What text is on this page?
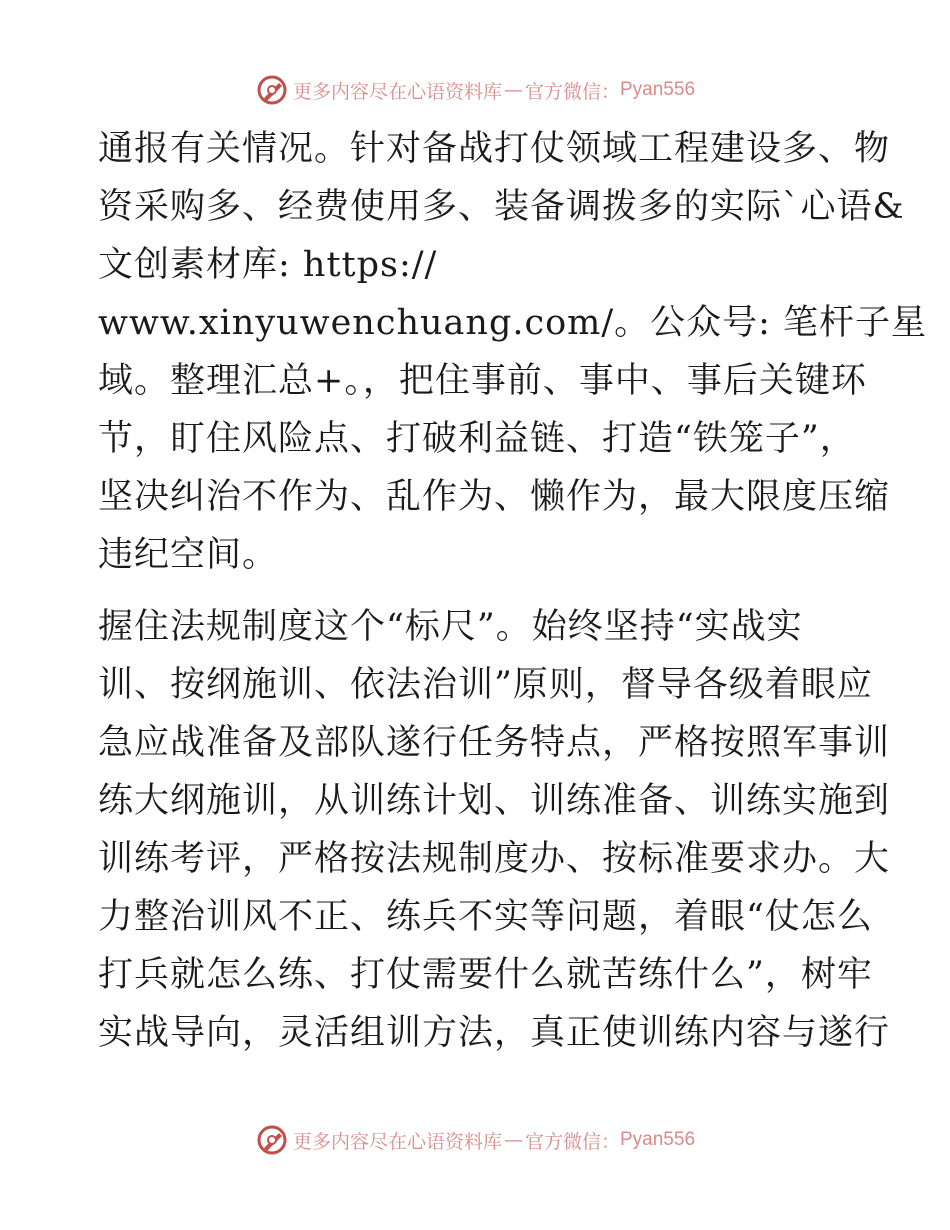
更多内容尽在心语资料库 — 官方微信： Pyan556
通报有关情况。针对备战打仗领域工程建设多、物
资采购多、经费使用多、装备调拨多的实际`心语&
文创素材库: https://
www.xinyuwenchuang.com/。公众号: 笔杆子星
域。整理汇总+。，把住事前、事中、事后关键环
节，盯住风险点、打破利益链、打造“铁笼子”，
坚决纠治不作为、乱作为、懒作为，最大限度压缩
违纪空间。
握住法规制度这个“标尺”。始终坚持“实战实
训、按纲施训、依法治训”原则，督导各级着眼应
急应战准备及部队遂行任务特点，严格按照军事训
练大纲施训，从训练计划、训练准备、训练实施到
训练考评，严格按法规制度办、按标准要求办。大
力整治训风不正、练兵不实等问题，着眼“仗怎么
打兵就怎么练、打仗需要什么就苦练什么”，树牢
实战导向，灵活组训方法，真正使训练内容与遂行
更多内容尽在心语资料库 — 官方微信： Pyan556
